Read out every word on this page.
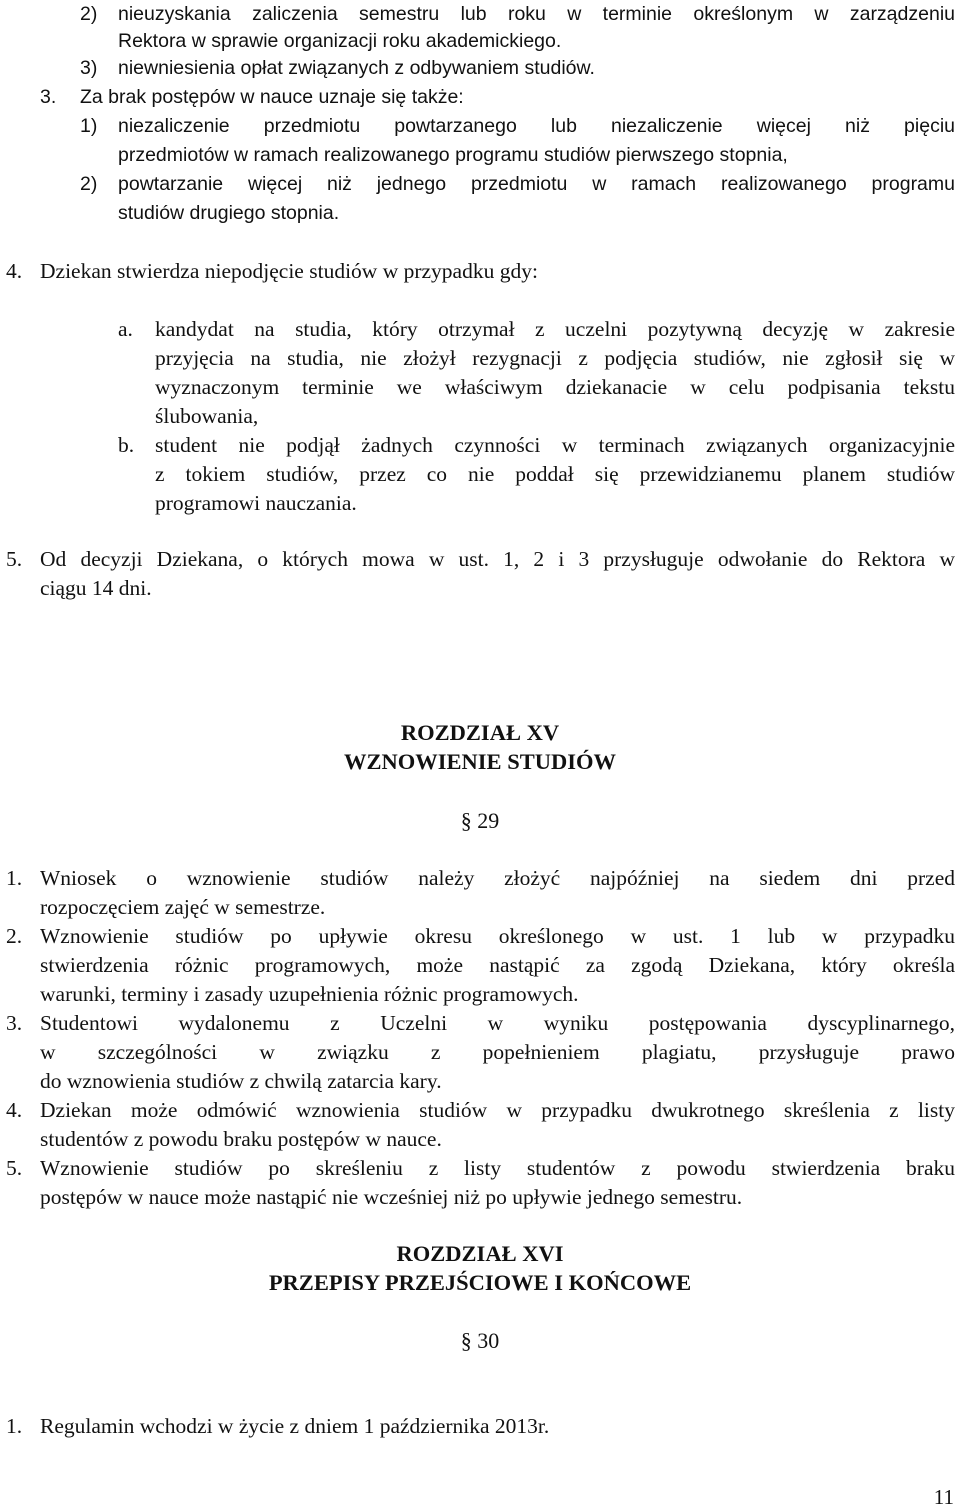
2) nieuzyskania zaliczenia semestru lub roku w terminie określonym w zarządzeniu
Rektora w sprawie organizacji roku akademickiego.
3) niewniesienia opłat związanych z odbywaniem studiów.
3. Za brak postępów w nauce uznaje się także:
1) niezaliczenie przedmiotu powtarzanego lub niezaliczenie więcej niż pięciu
przedmiotów w ramach realizowanego programu studiów pierwszego stopnia,
2) powtarzanie więcej niż jednego przedmiotu w ramach realizowanego programu
studiów drugiego stopnia.
4. Dziekan stwierdza niepodjęcie studiów w przypadku gdy:
a. kandydat na studia, który otrzymał z uczelni pozytywną decyzję w zakresie
przyjęcia na studia, nie złożył rezygnacji z podjęcia studiów, nie zgłosił się w
wyznaczonym terminie we właściwym dziekanacie w celu podpisania tekstu
ślubowania,
b. student nie podjął żadnych czynności w terminach związanych organizacyjnie
z tokiem studiów, przez co nie poddał się przewidzianemu planem studiów
programowi nauczania.
5. Od decyzji Dziekana, o których mowa w ust. 1, 2 i 3 przysługuje odwołanie do Rektora w
ciągu 14 dni.
ROZDZIAŁ XV
WZNOWIENIE STUDIÓW
§ 29
1. Wniosek o wznowienie studiów należy złożyć najpóźniej na siedem dni przed
rozpoczęciem zajęć w semestrze.
2. Wznowienie studiów po upływie okresu określonego w ust. 1 lub w przypadku
stwierdzenia różnic programowych, może nastąpić za zgodą Dziekana, który określa
warunki, terminy i zasady uzupełnienia różnic programowych.
3. Studentowi wydalonemu z Uczelni w wyniku postępowania dyscyplinarnego,
w szczególności w związku z popełnieniem plagiatu, przysługuje prawo
do wznowienia studiów z chwilą zatarcia kary.
4. Dziekan może odmówić wznowienia studiów w przypadku dwukrotnego skreślenia z listy
studentów z powodu braku postępów w nauce.
5. Wznowienie studiów po skreśleniu z listy studentów z powodu stwierdzenia braku
postępów w nauce może nastąpić nie wcześniej niż po upływie jednego semestru.
ROZDZIAŁ XVI
PRZEPISY PRZEJŚCIOWE I KOŃCOWE
§ 30
1. Regulamin wchodzi w życie z dniem 1 października 2013r.
11
